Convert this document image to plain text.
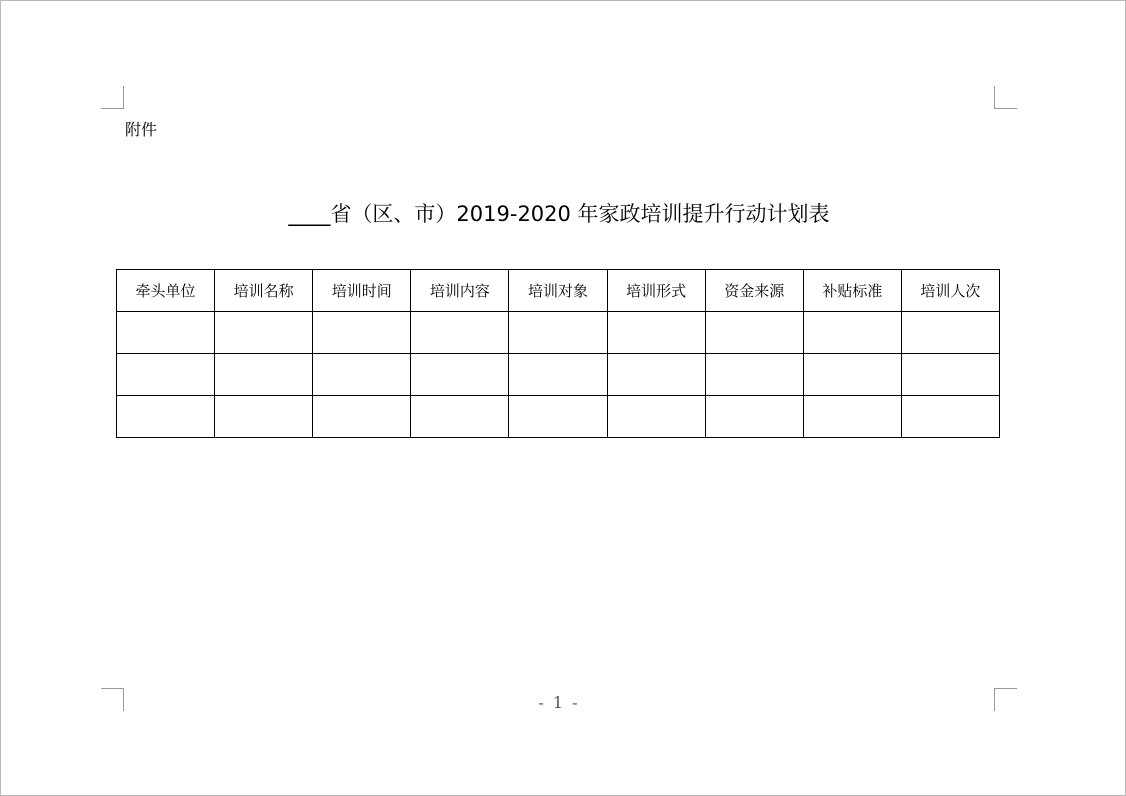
附件
____省（区、市）2019-2020 年家政培训提升行动计划表
牵头单位	培训名称	培训时间	培训内容	培训对象	培训形式	资金来源	补贴标准	培训人次

- 1 -
